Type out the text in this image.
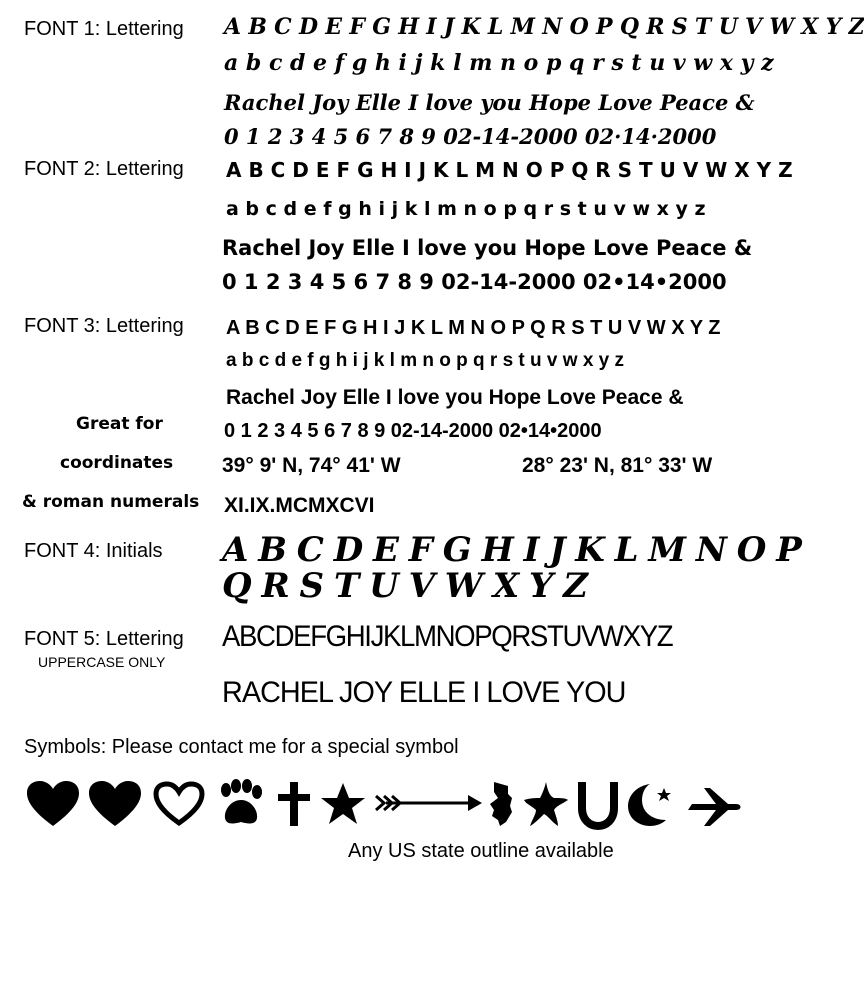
FONT 1: Lettering A B C D E F G H I J K L M N O P Q R S T U V W X Y Z
a b c d e f g h i j k l m n o p q r s t u v w x y z
Rachel Joy Elle I love you Hope Love Peace &
0 1 2 3 4 5 6 7 8 9 02-14-2000 02·14·2000
FONT 2: Lettering A B C D E F G H I J K L M N O P Q R S T U V W X Y Z
a b c d e f g h i j k l m n o p q r s t u v w x y z
Rachel Joy Elle I love you Hope Love Peace &
0 1 2 3 4 5 6 7 8 9 02-14-2000 02•14•2000
FONT 3: Lettering A B C D E F G H I J K L M N O P Q R S T U V W X Y Z
a b c d e f g h i j k l m n o p q r s t u v w x y z
Rachel Joy Elle I love you Hope Love Peace &
Great for	0 1 2 3 4 5 6 7 8 9 02-14-2000 02•14•2000
coordinates 39° 9' N, 74° 41' W	28° 23' N, 81° 33' W
& roman numerals XI.IX.MCMXCVI
FONT 4: Initials A B C D E F G H I J K L M N O P
Q R S T U V W X Y Z
FONT 5: Lettering
UPPERCASE ONLY
ABCDEFGHIJKLMNOPQRSTUVWXYZ
RACHEL JOY ELLE I LOVE YOU
Symbols: Please contact me for a special symbol
Any US state outline available
